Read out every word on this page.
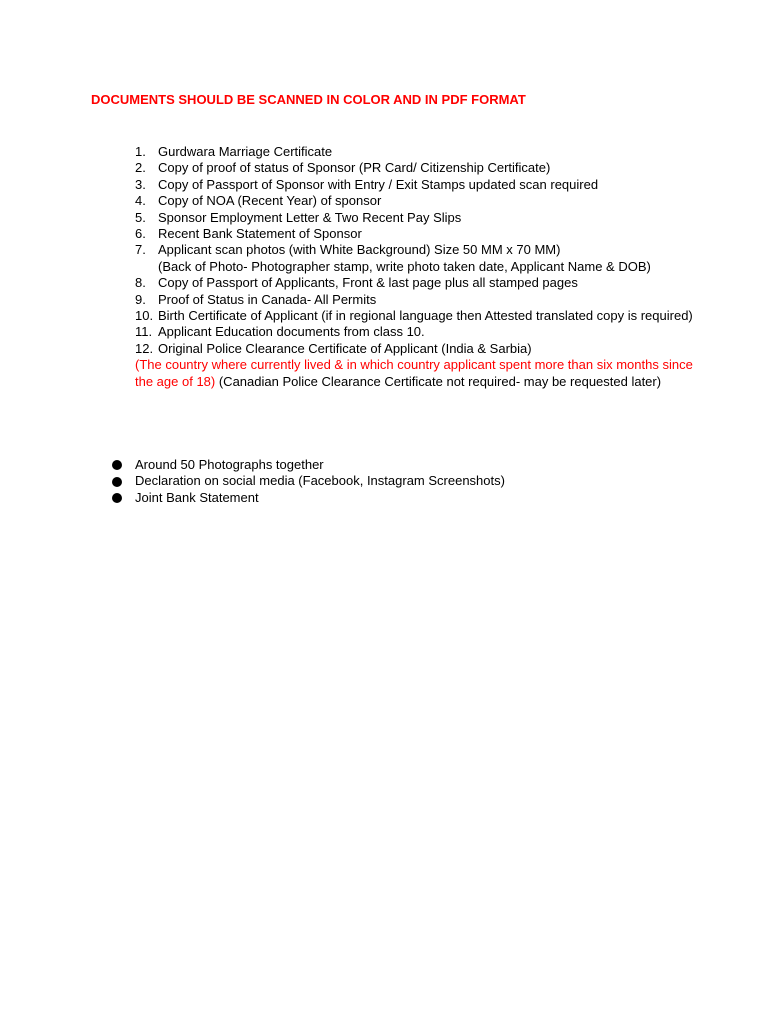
DOCUMENTS SHOULD BE SCANNED IN COLOR AND IN PDF FORMAT
1. Gurdwara Marriage Certificate
2. Copy of proof of status of Sponsor (PR Card/ Citizenship Certificate)
3. Copy of Passport of Sponsor with Entry / Exit Stamps updated scan required
4. Copy of NOA (Recent Year) of sponsor
5. Sponsor Employment Letter & Two Recent Pay Slips
6. Recent Bank Statement of Sponsor
7. Applicant scan photos (with White Background) Size 50 MM x 70 MM)
(Back of Photo- Photographer stamp, write photo taken date, Applicant Name & DOB)
8. Copy of Passport of Applicants, Front & last page plus all stamped pages
9. Proof of Status in Canada- All Permits
10. Birth Certificate of Applicant (if in regional language then Attested translated copy is required)
11. Applicant Education documents from class 10.
12. Original Police Clearance Certificate of Applicant (India & Sarbia)
(The country where currently lived & in which country applicant spent more than six months since the age of 18) (Canadian Police Clearance Certificate not required- may be requested later)
Around 50 Photographs together
Declaration on social media (Facebook, Instagram Screenshots)
Joint Bank Statement
